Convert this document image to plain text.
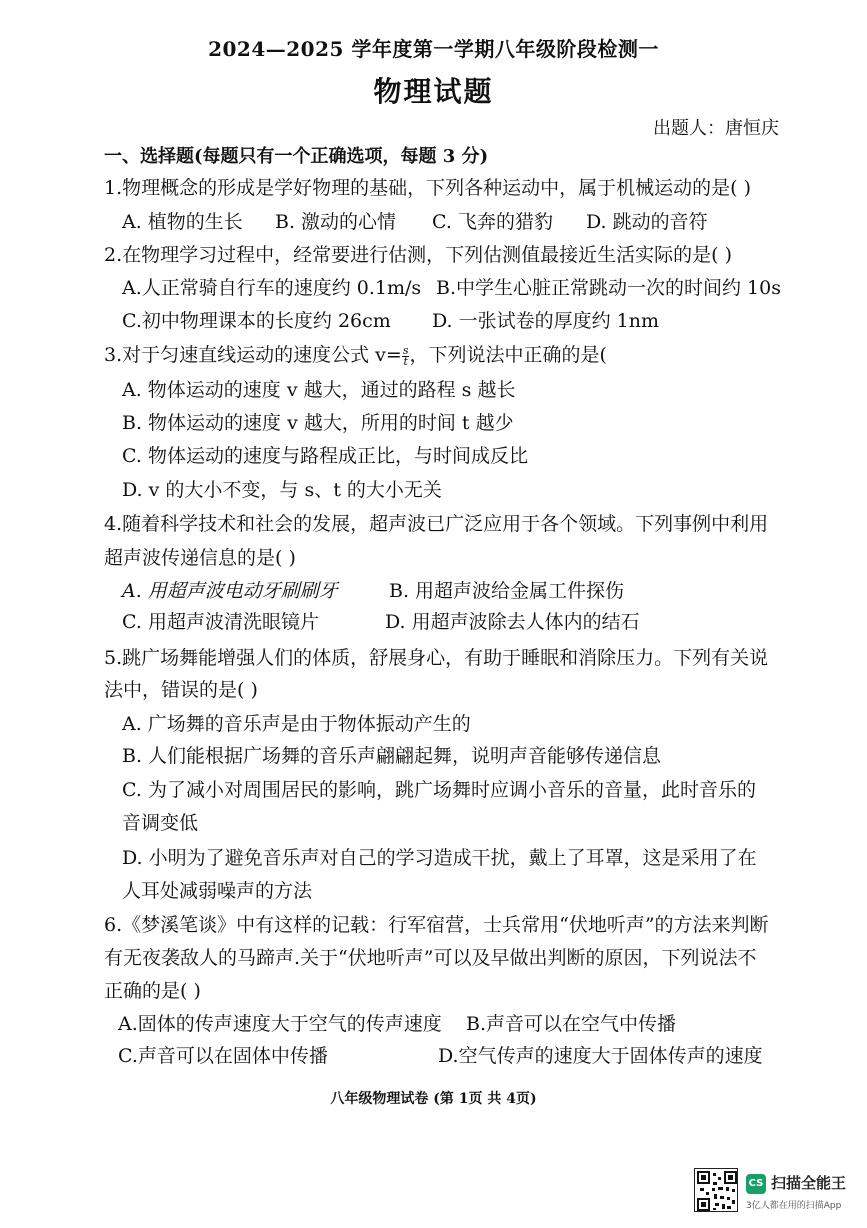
2024—2025 学年度第一学期八年级阶段检测一
物理试题
出题人：唐恒庆
一、选择题(每题只有一个正确选项，每题 3 分)
1.物理概念的形成是学好物理的基础，下列各种运动中，属于机械运动的是( )
A. 植物的生长 B. 激动的心情 C. 飞奔的猎豹 D. 跳动的音符
2.在物理学习过程中，经常要进行估测，下列估测值最接近生活实际的是( )
A.人正常骑自行车的速度约 0.1m/s B.中学生心脏正常跳动一次的时间约 10s
C.初中物理课本的长度约 26cm D. 一张试卷的厚度约 1nm
3.对于匀速直线运动的速度公式 $v= \frac{s}{t}$ ，下列说法中正确的是(
A. 物体运动的速度 v 越大，通过的路程 s 越长
B. 物体运动的速度 v 越大，所用的时间 t 越少
C. 物体运动的速度与路程成正比，与时间成反比
D. v 的大小不变，与 s、t 的大小无关
4.随着科学技术和社会的发展，超声波已广泛应用于各个领域。下列事例中利用
超声波传递信息的是( )
A. 用超声波电动牙刷刷牙	B. 用超声波给金属工件探伤
C. 用超声波清洗眼镜片	D. 用超声波除去人体内的结石
5.跳广场舞能增强人们的体质，舒展身心，有助于睡眠和消除压力。下列有关说
法中，错误的是( )
A. 广场舞的音乐声是由于物体振动产生的
B. 人们能根据广场舞的音乐声翩翩起舞，说明声音能够传递信息
C. 为了减小对周围居民的影响，跳广场舞时应调小音乐的音量，此时音乐的
音调变低
D. 小明为了避免音乐声对自己的学习造成干扰，戴上了耳罩，这是采用了在
人耳处减弱噪声的方法
6.《梦溪笔谈》中有这样的记载：行军宿营，士兵常用“伏地听声”的方法来判断
有无夜袭敌人的马蹄声.关于“伏地听声”可以及早做出判断的原因，下列说法不
正确的是( )
A.固体的传声速度大于空气的传声速度 B.声音可以在空气中传播
C.声音可以在固体中传播	D.空气传声的速度大于固体传声的速度
八年级物理试卷 (第 1页 共 4页)
CS 扫描全能王
3亿人都在用的扫描App
